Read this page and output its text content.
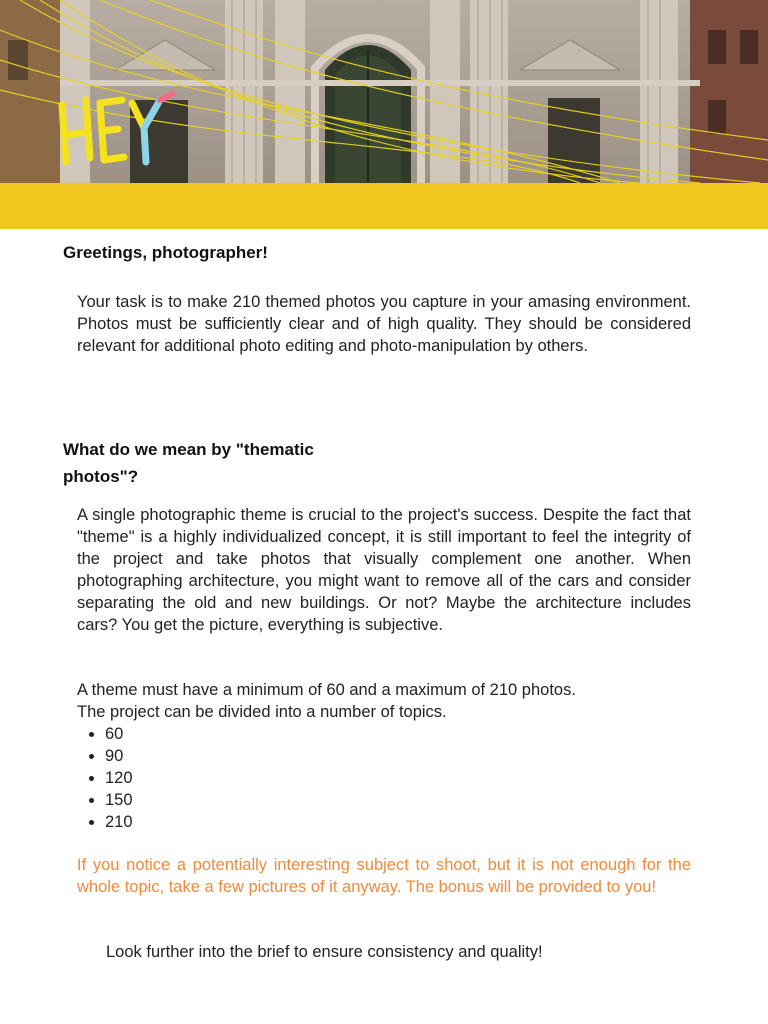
Greetings, photographer!
Your task is to make 210 themed photos you capture in your amasing environment. Photos must be sufficiently clear and of high quality. They should be considered relevant for additional photo editing and photo-manipulation by others.
What do we mean by "thematic photos"?
A single photographic theme is crucial to the project's success. Despite the fact that "theme" is a highly individualized concept, it is still important to feel the integrity of the project and take photos that visually complement one another. When photographing architecture, you might want to remove all of the cars and consider separating the old and new buildings. Or not? Maybe the architecture includes cars? You get the picture, everything is subjective.
A theme must have a minimum of 60 and a maximum of 210 photos.
The project can be divided into a number of topics.
• 60
• 90
• 120
• 150
• 210
If you notice a potentially interesting subject to shoot, but it is not enough for the whole topic, take a few pictures of it anyway. The bonus will be provided to you!
Look further into the brief to ensure consistency and quality!
